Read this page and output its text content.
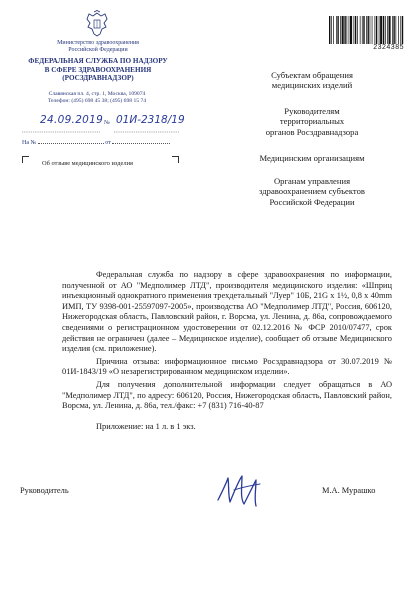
2324385
Министерство здравоохранения
Российской Федерации
ФЕДЕРАЛЬНАЯ СЛУЖБА ПО НАДЗОРУ
В СФЕРЕ ЗДРАВООХРАНЕНИЯ
(РОСЗДРАВНАДЗОР)
Славянская пл. 4, стр. 1, Москва, 109074
Телефон: (495) 698 45 38; (495) 698 15 74
24.09.2019 № 01И-2318/19
На №	от
Об отзыве медицинского изделия
Субъектам обращения
медицинских изделий
Руководителям
территориальных
органов Росздравнадзора
Медицинским организациям
Органам управления
здравоохранением субъектов
Российской Федерации

Федеральная служба по надзору в сфере здравоохранения по информации, полученной от АО "Медполимер ЛТД", производителя медицинского изделия: «Шприц инъекционный однократного применения трехдетальный "Луер" 10Б, 21G x 1½, 0,8 x 40mm ИМП, ТУ 9398-001-25597097-2005», производства АО "Медполимер ЛТД", Россия, 606120, Нижегородская область, Павловский район, г. Ворсма, ул. Ленина, д. 86а, сопровождаемого сведениями о регистрационном удостоверении от 02.12.2016 № ФСР 2010/07477, срок действия не ограничен (далее – Медицинское изделие), сообщает об отзыве Медицинского изделия (см. приложение).

Причина отзыва: информационное письмо Росздравнадзора от 30.07.2019 № 01И-1843/19 «О незарегистрированном медицинском изделии».

Для получения дополнительной информации следует обращаться в АО "Медполимер ЛТД", по адресу: 606120, Россия, Нижегородская область, Павловский район, Ворсма, ул. Ленина, д. 86а, тел./факс: +7 (831) 716-40-87

Приложение: на 1 л. в 1 экз.

Руководитель	М.А. Мурашко
